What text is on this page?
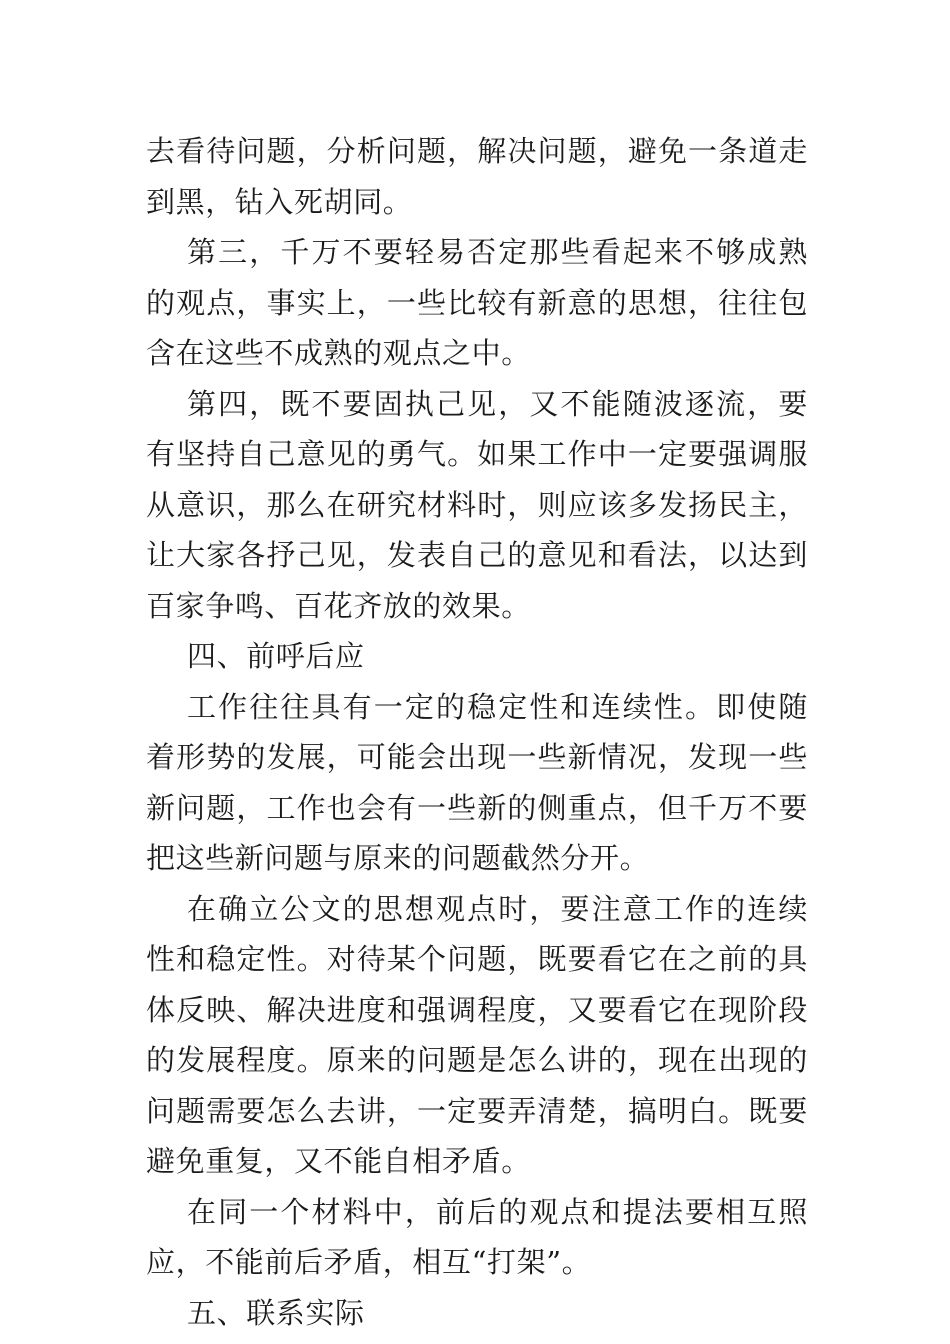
去看待问题，分析问题，解决问题，避免一条道走到黑，钻入死胡同。

第三，千万不要轻易否定那些看起来不够成熟的观点，事实上，一些比较有新意的思想，往往包含在这些不成熟的观点之中。

第四，既不要固执己见，又不能随波逐流，要有坚持自己意见的勇气。如果工作中一定要强调服从意识，那么在研究材料时，则应该多发扬民主，让大家各抒己见，发表自己的意见和看法，以达到百家争鸣、百花齐放的效果。

四、前呼后应

工作往往具有一定的稳定性和连续性。即使随着形势的发展，可能会出现一些新情况，发现一些新问题，工作也会有一些新的侧重点，但千万不要把这些新问题与原来的问题截然分开。

在确立公文的思想观点时，要注意工作的连续性和稳定性。对待某个问题，既要看它在之前的具体反映、解决进度和强调程度，又要看它在现阶段的发展程度。原来的问题是怎么讲的，现在出现的问题需要怎么去讲，一定要弄清楚，搞明白。既要避免重复，又不能自相矛盾。

在同一个材料中，前后的观点和提法要相互照应，不能前后矛盾，相互“打架”。

五、联系实际
